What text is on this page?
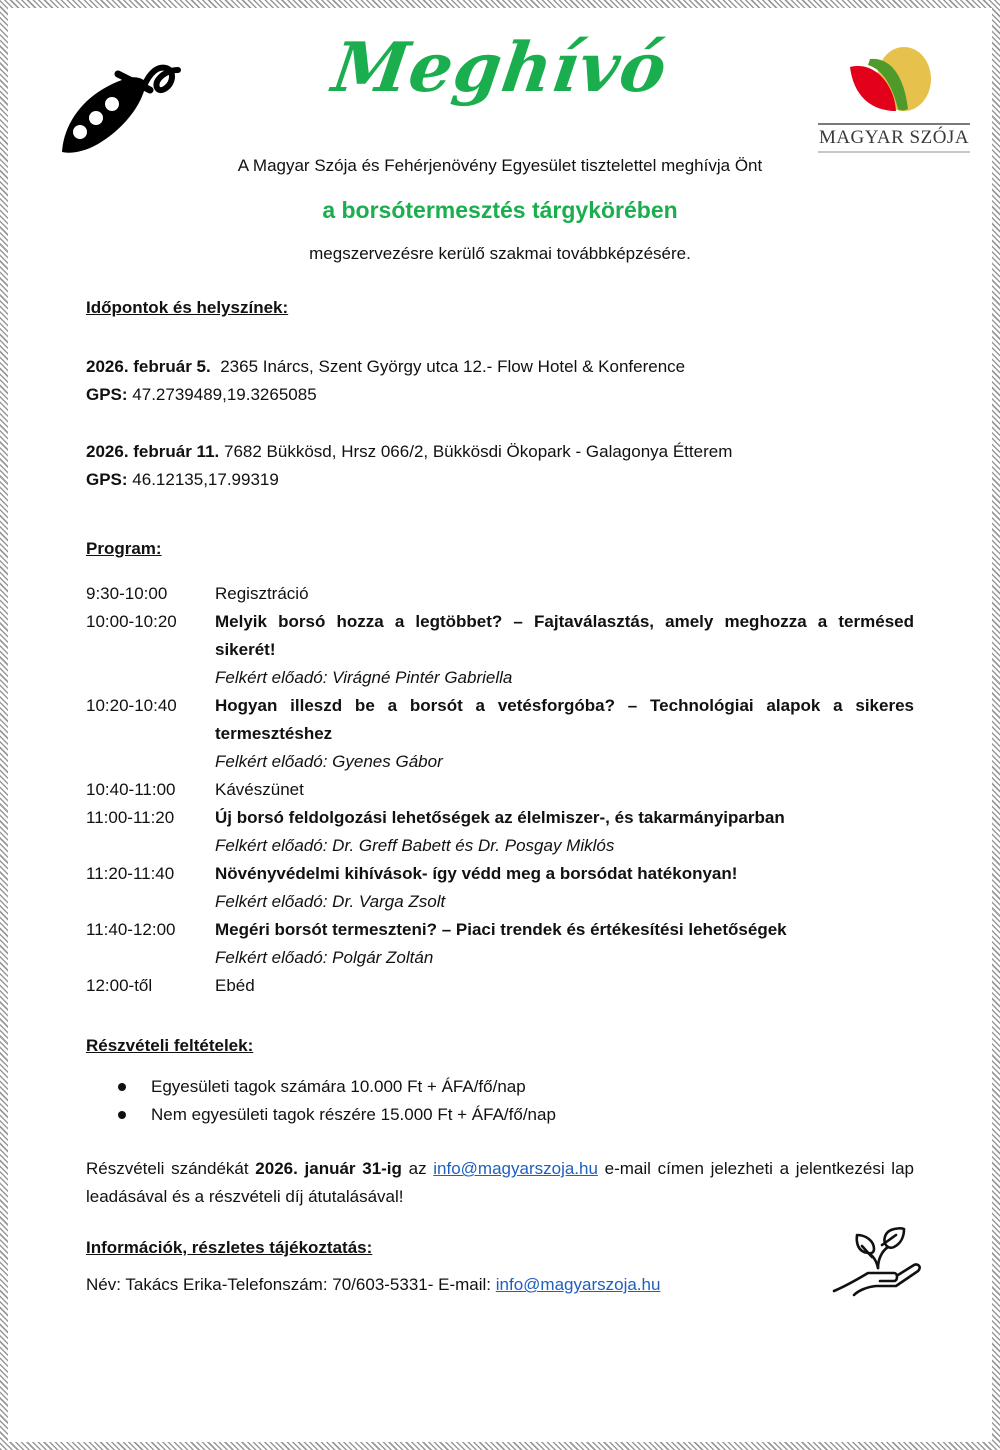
Meghívó
MAGYAR SZÓJA
A Magyar Szója és Fehérjenövény Egyesület tisztelettel meghívja Önt
a borsótermesztés tárgykörében
megszervezésre kerülő szakmai továbbképzésére.
Időpontok és helyszínek:
2026. február 5. 2365 Inárcs, Szent György utca 12.- Flow Hotel & Konference
GPS: 47.2739489,19.3265085
2026. február 11. 7682 Bükkösd, Hrsz 066/2, Bükkösdi Ökopark - Galagonya Étterem
GPS: 46.12135,17.99319
Program:
9:30-10:00	Regisztráció
10:00-10:20	Melyik borsó hozza a legtöbbet? – Fajtaválasztás, amely meghozza a termésed sikerét!
Felkért előadó: Virágné Pintér Gabriella
10:20-10:40	Hogyan illeszd be a borsót a vetésforgóba? – Technológiai alapok a sikeres termesztéshez
Felkért előadó: Gyenes Gábor
10:40-11:00	Kávészünet
11:00-11:20	Új borsó feldolgozási lehetőségek az élelmiszer-, és takarmányiparban
Felkért előadó: Dr. Greff Babett és Dr. Posgay Miklós
11:20-11:40	Növényvédelmi kihívások- így védd meg a borsódat hatékonyan!
Felkért előadó: Dr. Varga Zsolt
11:40-12:00	Megéri borsót termeszteni? – Piaci trendek és értékesítési lehetőségek
Felkért előadó: Polgár Zoltán
12:00-től	Ebéd
Részvételi feltételek:
Egyesületi tagok számára 10.000 Ft + ÁFA/fő/nap
Nem egyesületi tagok részére 15.000 Ft + ÁFA/fő/nap
Részvételi szándékát 2026. január 31-ig az info@magyarszoja.hu e-mail címen jelezheti a jelentkezési lap leadásával és a részvételi díj átutalásával!
Információk, részletes tájékoztatás:
Név: Takács Erika-Telefonszám: 70/603-5331- E-mail: info@magyarszoja.hu
